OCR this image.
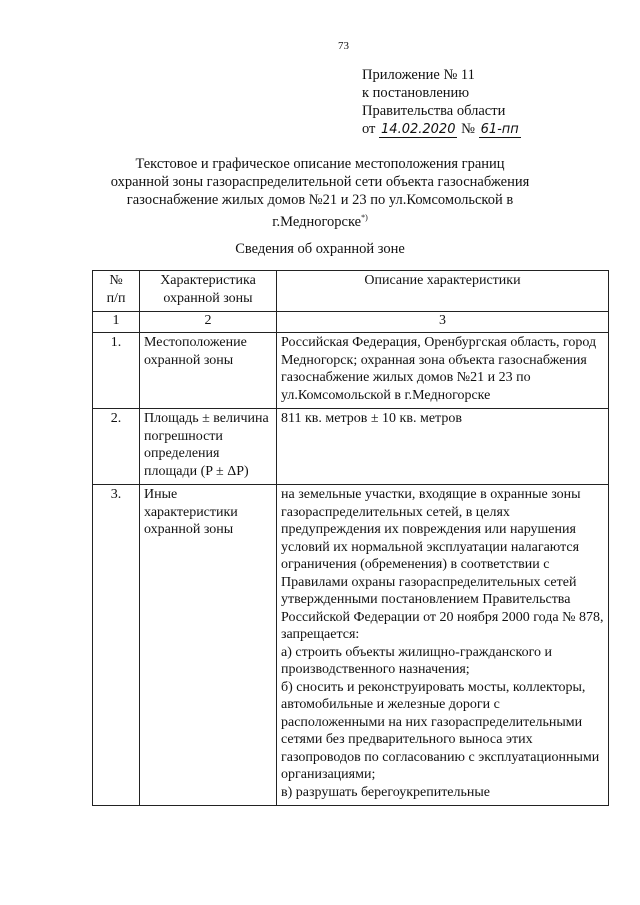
73
Приложение № 11
к постановлению
Правительства области
от 14.02.2020 № 61-пп
Текстовое и графическое описание местоположения границ охранной зоны газораспределительной сети объекта газоснабжения газоснабжение жилых домов №21 и 23 по ул.Комсомольской в г.Медногорске*)
Сведения об охранной зоне
№
п/п	Характеристика охранной зоны	Описание характеристики
1	2	3
1.	Местоположение охранной зоны	Российская Федерация, Оренбургская область, город Медногорск; охранная зона объекта газоснабжения газоснабжение жилых домов №21 и 23 по ул.Комсомольской в г.Медногорске
2.	Площадь ± величина погрешности определения площади (P ± ΔP)	811 кв. метров ± 10 кв. метров
3.	Иные характеристики охранной зоны	на земельные участки, входящие в охранные зоны газораспределительных сетей, в целях предупреждения их повреждения или нарушения условий их нормальной эксплуатации налагаются ограничения (обременения) в соответствии с Правилами охраны газораспределительных сетей утвержденными постановлением Правительства Российской Федерации от 20 ноября 2000 года № 878, запрещается:
а) строить объекты жилищно-гражданского и производственного назначения;
б) сносить и реконструировать мосты, коллекторы, автомобильные и железные дороги с расположенными на них газораспределительными сетями без предварительного выноса этих газопроводов по согласованию с эксплуатационными организациями;
в) разрушать берегоукрепительные
